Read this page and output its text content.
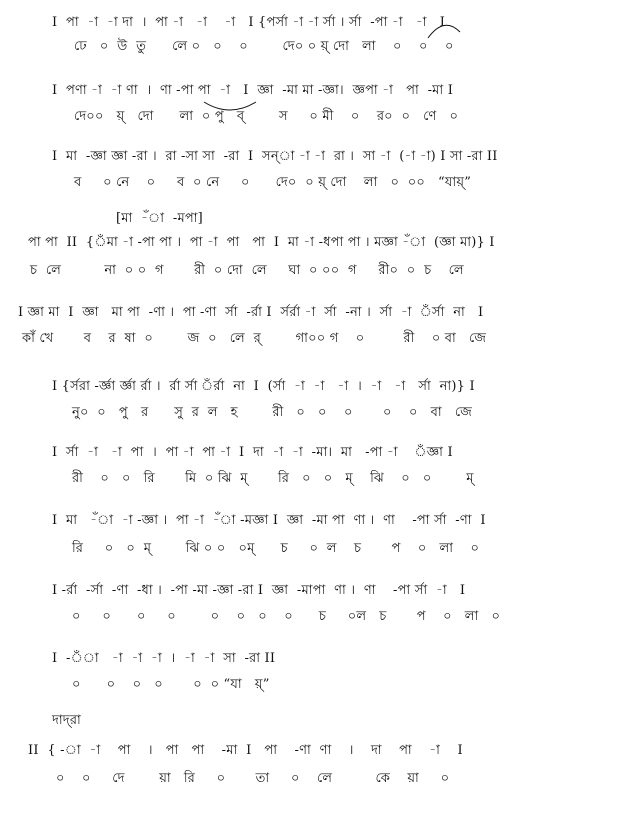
I  পা  -া  -া দা  ।  পা -া   -া    -া   I {পর্সা -া -া র্সা । র্সা  -পা -া   -া   I
ঢে   ০  উ  তু      লে ০   ০    ০        দে০ ০ য়্ দো   লা    ০    ০    ০
I  পণা -া  -া ণা  ।  ণা -পা পা  -া   I  জ্ঞা  -মা মা -জ্ঞা।  জ্ঞপা -া   পা  -মা I
দে০০   য়্   দো      লা  ০ পু   ব্        স     ০ মী    ০    র০  ০   ণে   ০
I  মা  -জ্ঞা জ্ঞা -রা ।  রা -সা সা  -রা  I  সন্া -া -া  রা ।  সা -া  (-া -া) I সা -রা II
ব     ০ নে    ০     ব  ০ নে     ০      দে০  ০ য়্ দো    লা   ০  ০০   “যায়্”
[মা  -ঁা  -মপা]
পা পা  II  {ঁমা -া -পা পা ।  পা -া  পা   পা  I  মা -া -ধপা পা । মজ্ঞা -ঁা  (জ্ঞা মা)} I
চ  লে          না  ০ ০  গ       রী  ০ দো  লে     ঘা  ০ ০০  গ     রী০  ০  চ    লে
I জ্ঞা মা  I  জ্ঞা   মা পা  -ণা ।  পা -ণা  র্সা  -র্রা I  র্সর্রা -া  র্সা  -না ।  র্সা  -া  ঁর্সা  না   I
কাঁ খে       ব    র  ষা  ০        জ  ০   লে  র্        গা০০ গ    ০         রী    ০ বা   জে
I {র্সরা -র্জ্ঞা র্জ্ঞা র্রা ।  র্রা র্সা ঁর্রা  না  I  (র্সা  -া  -া   -া  ।  -া   -া   র্সা  না)} I
নু০  ০   পু   র      সু  র  ল   হ        রী   ০   ০    ০       ০    ০   বা   জে
I  র্সা  -া   -া  পা  ।  পা -া  পা -া  I  দা  -া  -া  -মা।  মা   -পা -া    ঁজ্ঞা I
রী    ০   ০   রি       মি  ০ ঝি  ম্       রি   ০   ০   ম্    ঝি    ০   ০        ম্
I  মা   -ঁা  -া -জ্ঞা ।  পা -া  -ঁা -মজ্ঞা I  জ্ঞা  -মা পা  ণা ।  ণা    -পা র্সা  -ণা  I
রি     ০   ০  ম্        ঝি ০ ০   ০ম্      চ     ০  ল    চ       প    ০   লা    ০
I -র্রা  -র্সা  -ণা  -ধা ।  -পা -মা -জ্ঞা -রা I  জ্ঞা  -মাপা  ণা ।  ণা    -পা র্সা  -া   I
০     ০      ০     ০        ০    ০   ০    ০      চ     ০ল   চ       প    ০   লা   ০
I  -ঁা   -া  -া  -া  ।  -া  -া  সা  -রা II
০      ০    ০   ০       ০  ০ “যা   য়্”
দাদ্‌রা
II  { -া  -া    পা    ।   পা   পা    -মা  I   পা    -ণা  ণা    ।    দা    পা    -া    I
০    ০     দে        য়া   রি     ০       তা     ০    লে          কে    য়া     ০
